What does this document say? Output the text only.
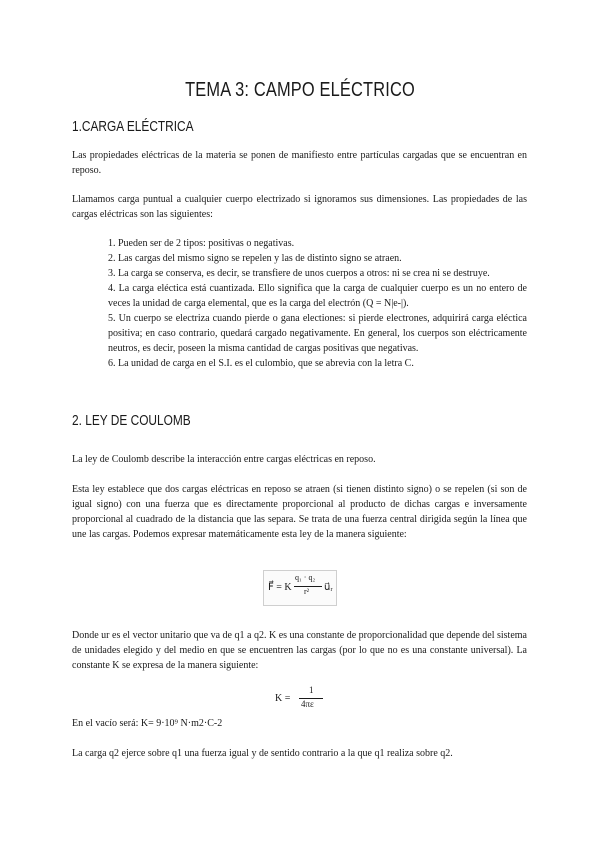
TEMA 3: CAMPO ELÉCTRICO
1.CARGA ELÉCTRICA
Las propiedades eléctricas de la materia se ponen de manifiesto entre partículas cargadas que se encuentran en reposo.
Llamamos carga puntual a cualquier cuerpo electrizado si ignoramos sus dimensiones. Las propiedades de las cargas eléctricas son las siguientes:
1. Pueden ser de 2 tipos: positivas o negativas.
2. Las cargas del mismo signo se repelen y las de distinto signo se atraen.
3. La carga se conserva, es decir, se transfiere de unos cuerpos a otros: ni se crea ni se destruye.
4. La carga eléctica está cuantizada. Ello significa que la carga de cualquier cuerpo es un no entero de veces la unidad de carga elemental, que es la carga del electrón (Q = N|e-|).
5. Un cuerpo se electriza cuando pierde o gana electiones: si pierde electrones, adquirirá carga eléctica positiva; en caso contrario, quedará cargado negativamente. En general, los cuerpos son eléctricamente neutros, es decir, poseen la misma cantidad de cargas positivas que negativas.
6. La unidad de carga en el S.I. es el culombio, que se abrevia con la letra C.
2. LEY DE COULOMB
La ley de Coulomb describe la interacción entre cargas eléctricas en reposo.
Esta ley establece que dos cargas eléctricas en reposo se atraen (si tienen distinto signo) o se repelen (si son de igual signo) con una fuerza que es directamente proporcional al producto de dichas cargas e inversamente proporcional al cuadrado de la distancia que las separa. Se trata de una fuerza central dirigida según la línea que une las cargas. Podemos expresar matemáticamente esta ley de la manera siguiente:
F⃗ = K
q₁ · q₂
r² u⃗ᵣ
Donde ur es el vector unitario que va de q1 a q2. K es una constante de proporcionalidad que depende del sistema de unidades elegido y del medio en que se encuentren las cargas (por lo que no es una constante universal). La constante K se expresa de la manera siguiente:
K =
1
4πε
En el vacío será: K= 9·10⁹ N·m2·C-2
La carga q2 ejerce sobre q1 una fuerza igual y de sentido contrario a la que q1 realiza sobre q2.
